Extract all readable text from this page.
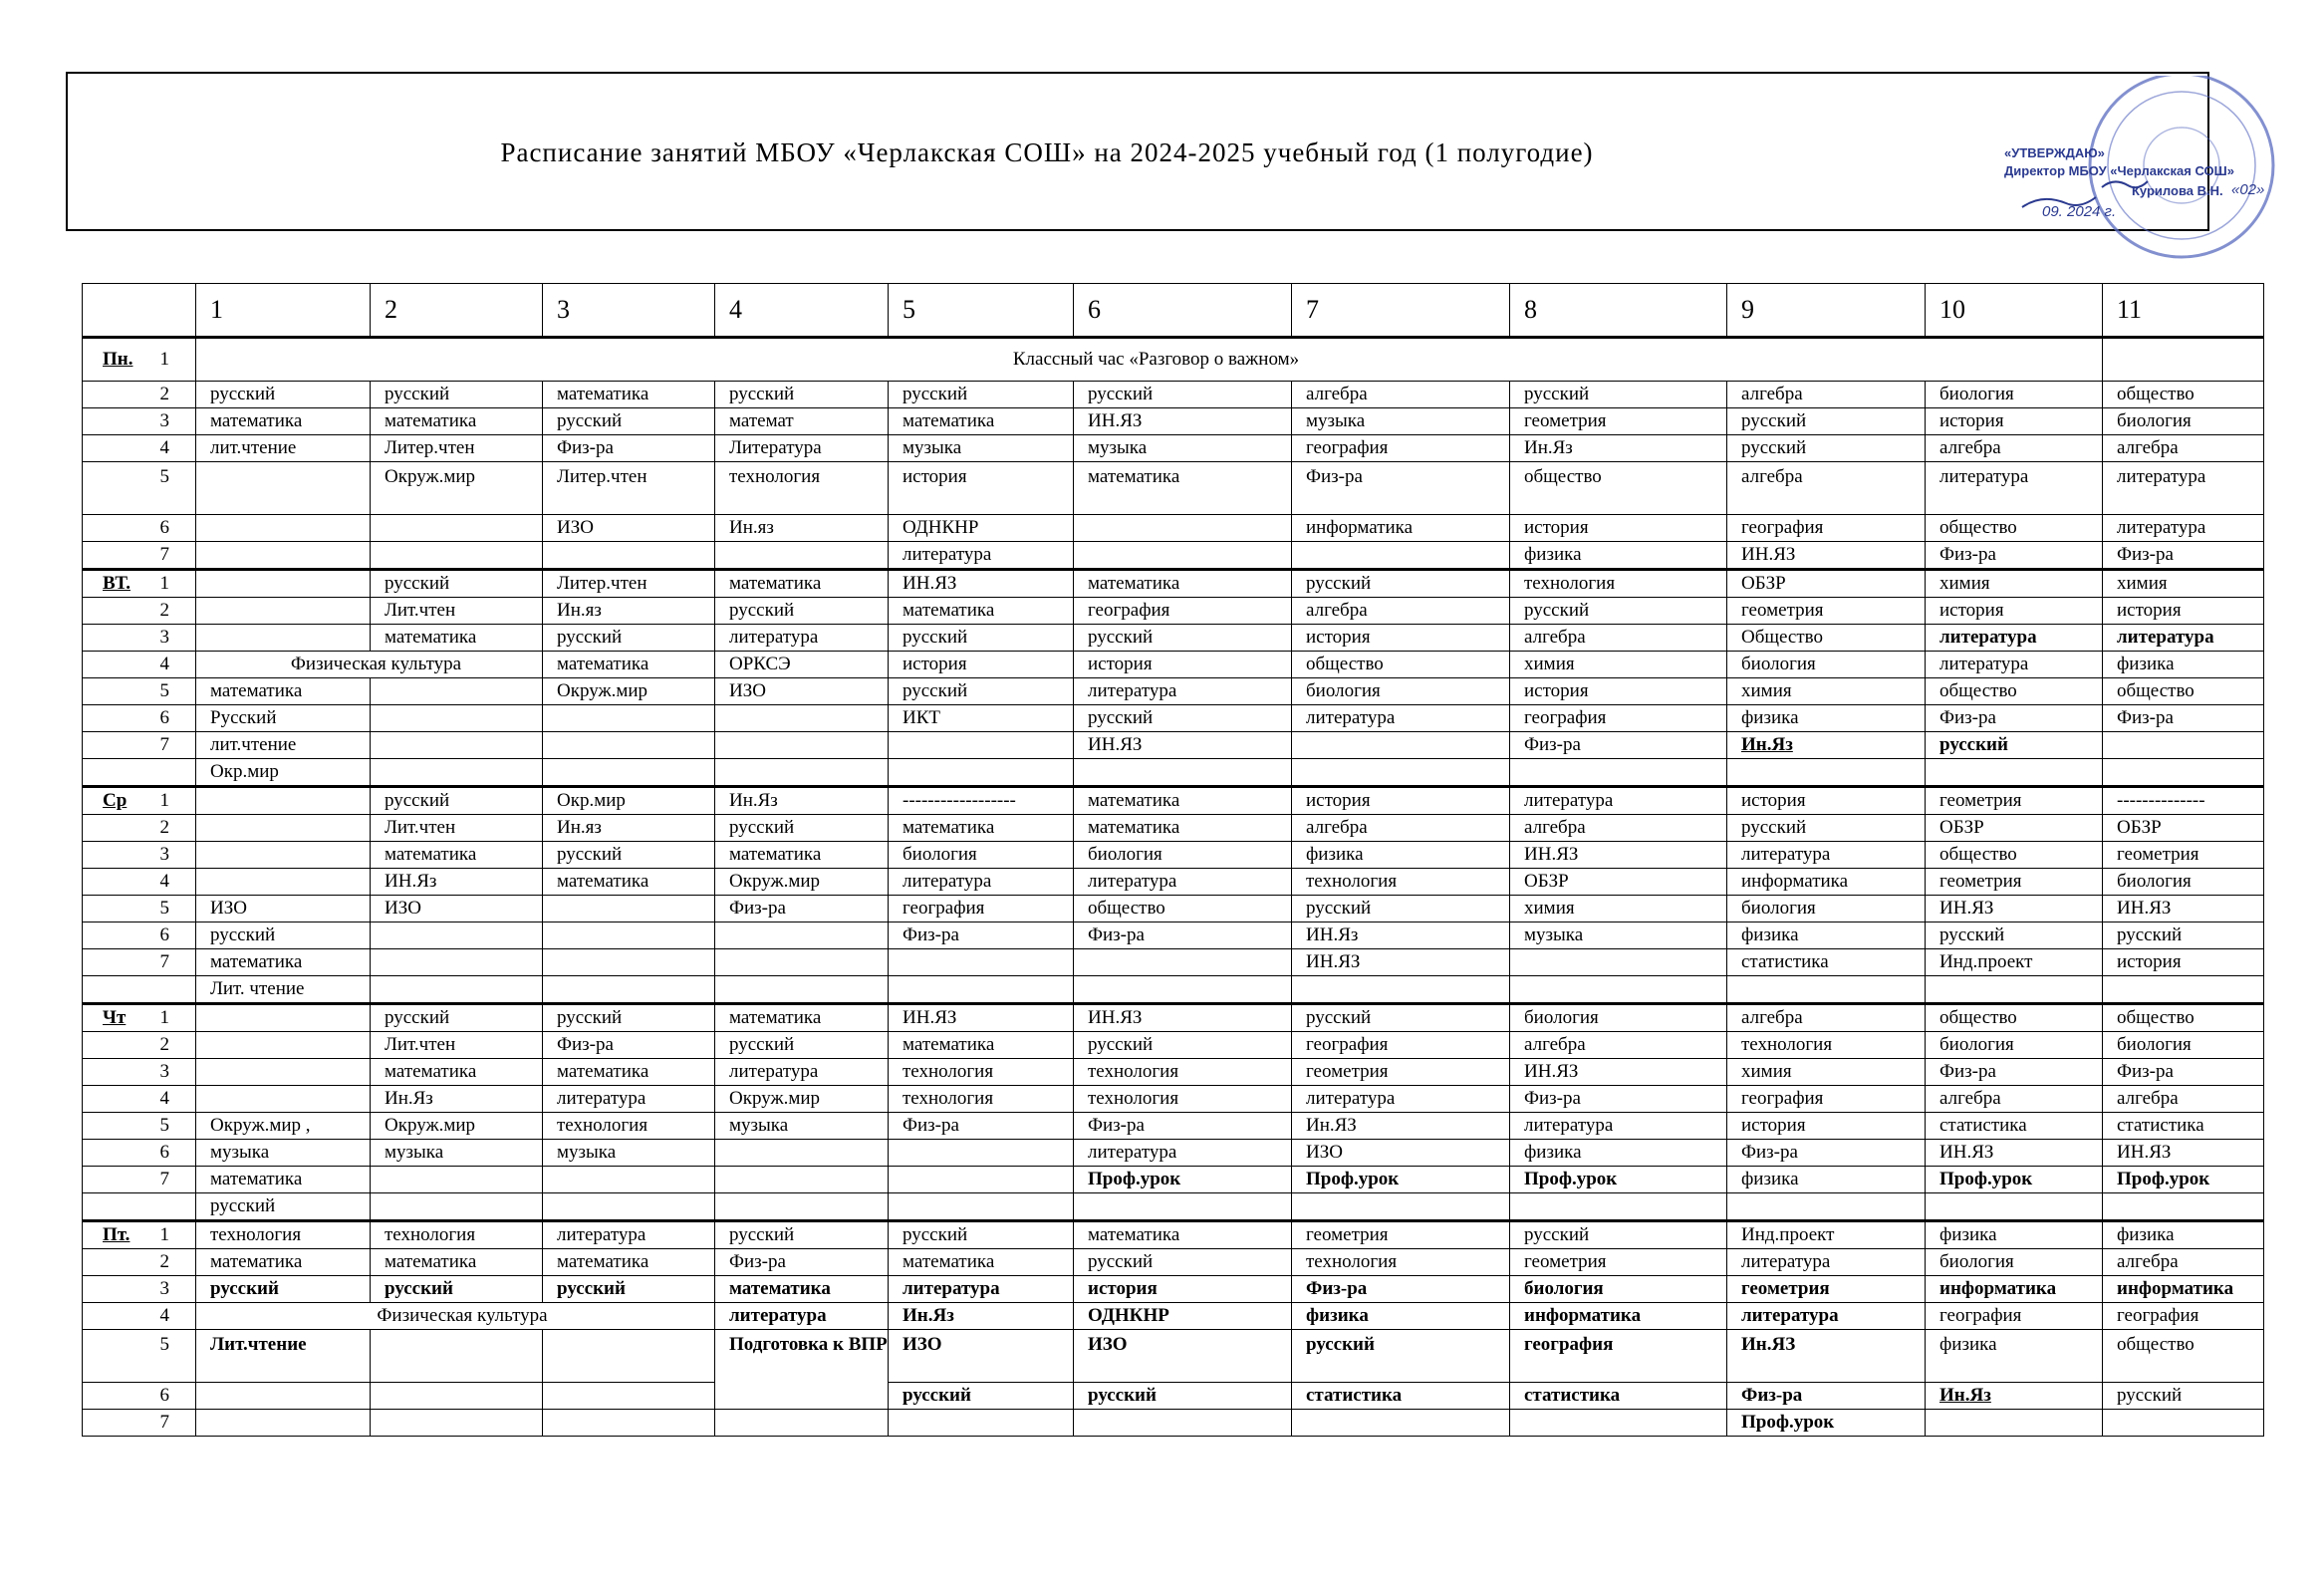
Расписание занятий МБОУ «Черлакская СОШ» на 2024-2025 учебный год (1 полугодие)	«УТВЕРЖДАЮ»
Директор МБОУ «Черлакская СОШ»
Курилова В.Н. «02»
09. 2024 г.
	1	2	3	4	5	6	7	8	9	10	11

Пн. 1	Классный час «Разговор о важном»										
2	русский	русский	математика	русский	русский	русский	алгебра	русский	алгебра	биология	общество
3	математика	математика	русский	математ	математика	ИН.ЯЗ	музыка	геометрия	русский	история	биология
4	лит.чтение	Литер.чтен	Физ-ра	Литература	музыка	музыка	география	Ин.Яз	русский	алгебра	алгебра
5		Окруж.мир	Литер.чтен	технология	история	математика	Физ-ра	общество	алгебра	литература	литература
6			ИЗО	Ин.яз	ОДНКНР		информатика	история	география	общество	литература
7					литература			физика	ИН.ЯЗ	Физ-ра	Физ-ра

ВТ. 1		русский	Литер.чтен	математика	ИН.ЯЗ	математика	русский	технология	ОБЗР	химия	химия
2		Лит.чтен	Ин.яз	русский	математика	география	алгебра	русский	геометрия	история	история
3		математика	русский	литература	русский	русский	история	алгебра	Общество	литература	литература
4	Физическая культура		математика	ОРКСЭ	история	история	общество	химия	биология	литература	физика
5	математика		Окруж.мир	ИЗО	русский	литература	биология	история	химия	общество	общество
6	Русский				ИКТ	русский	литература	география	физика	Физ-ра	Физ-ра
7	лит.чтение					ИН.ЯЗ		Физ-ра	Ин.Яз	русский	
	Окр.мир										

Ср 1		русский	Окр.мир	Ин.Яз	------------------	математика	история	литература	история	геометрия	--------------
2		Лит.чтен	Ин.яз	русский	математика	математика	алгебра	алгебра	русский	ОБЗР	ОБЗР
3		математика	русский	математика	биология	биология	физика	ИН.ЯЗ	литература	общество	геометрия
4		ИН.Яз	математика	Окруж.мир	литература	литература	технология	ОБЗР	информатика	геометрия	биология
5	ИЗО	ИЗО		Физ-ра	география	общество	русский	химия	биология	ИН.ЯЗ	ИН.ЯЗ
6	русский				Физ-ра	Физ-ра	ИН.Яз	музыка	физика	русский	русский
7	математика						ИН.ЯЗ		статистика	Инд.проект	история
	Лит. чтение										

Чт 1		русский	русский	математика	ИН.ЯЗ	ИН.ЯЗ	русский	биология	алгебра	общество	общество
2		Лит.чтен	Физ-ра	русский	математика	русский	география	алгебра	технология	биология	биология
3		математика	математика	литература	технология	технология	геометрия	ИН.ЯЗ	химия	Физ-ра	Физ-ра
4		Ин.Яз	литература	Окруж.мир	технология	технология	литература	Физ-ра	география	алгебра	алгебра
5	Окруж.мир ,	Окруж.мир	технология	музыка	Физ-ра	Физ-ра	Ин.ЯЗ	литература	история	статистика	статистика
6	музыка	музыка	музыка			литература	ИЗО	физика	Физ-ра	ИН.ЯЗ	ИН.ЯЗ
7	математика					Проф.урок	Проф.урок	Проф.урок	физика	Проф.урок	Проф.урок
	русский										

Пт. 1	технология	технология	литература	русский	русский	математика	геометрия	русский	Инд.проект	физика	физика
2	математика	математика	математика	Физ-ра	математика	русский	технология	геометрия	литература	биология	алгебра
3	русский	русский	русский	математика	литература	история	Физ-ра	биология	геометрия	информатика	информатика
4	Физическая культура			литература	Ин.Яз	ОДНКНР	физика	информатика	литература	география	география
5	Лит.чтение			Подготовка к ВПР	ИЗО	ИЗО	русский	география	Ин.ЯЗ	физика	общество
6					русский	русский	статистика	статистика	Физ-ра	Ин.Яз	русский
7									Проф.урок		
